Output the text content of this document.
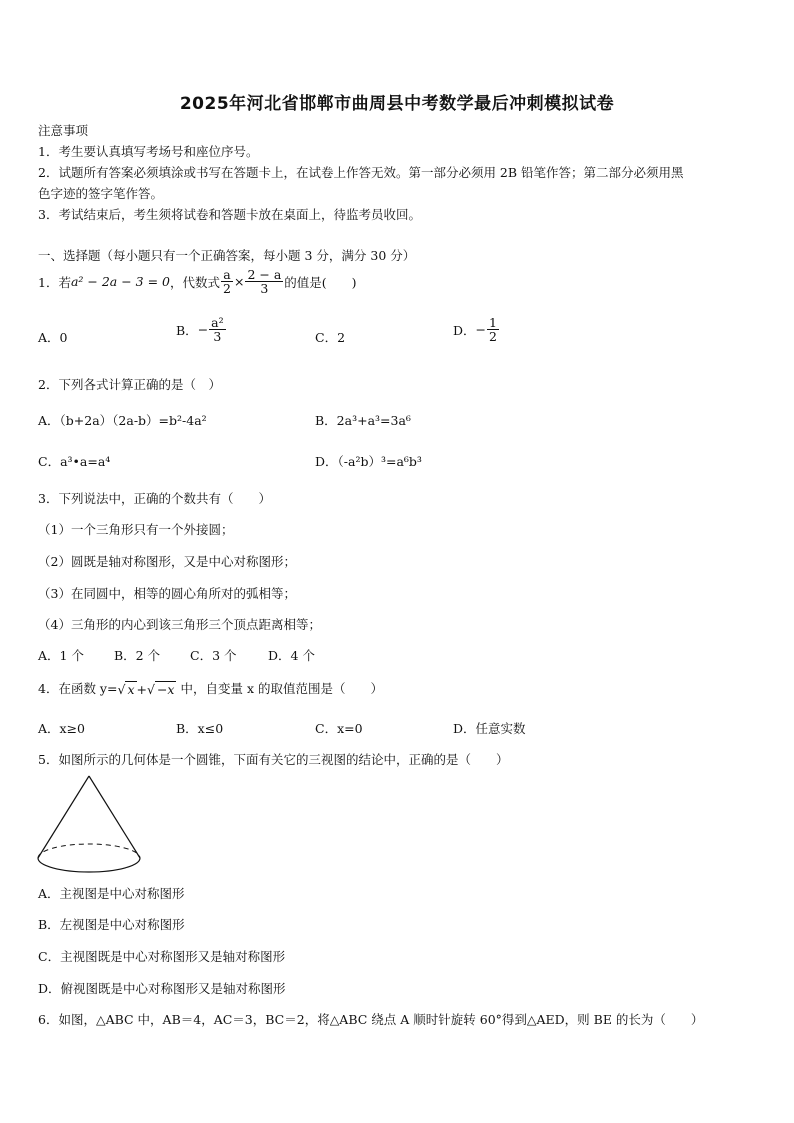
2025年河北省邯郸市曲周县中考数学最后冲刺模拟试卷
注意事项
1．考生要认真填写考场号和座位序号。
2．试题所有答案必须填涂或书写在答题卡上，在试卷上作答无效。第一部分必须用 2B 铅笔作答；第二部分必须用黑
色字迹的签字笔作答。
3．考试结束后，考生须将试卷和答题卡放在桌面上，待监考员收回。
一、选择题（每小题只有一个正确答案，每小题 3 分，满分 30 分）
1．若 a² − 2a − 3 = 0 ，代数式 $\frac{a}{2} \times \frac{2 - a}{3}$ 的值是(　　)
A．0	B． − $\frac{\text{a²}}{3}$	C．2	D． − $\frac{1}{2}$
2．下列各式计算正确的是（　）
A．（b+2a）（2a-b）=b²-4a²	B．2a³+a³=3a⁶
C．a³•a=a⁴	D．（-a²b）³=a⁶b³
3．下列说法中，正确的个数共有（　　）
（1）一个三角形只有一个外接圆；
（2）圆既是轴对称图形，又是中心对称图形；
（3）在同圆中，相等的圆心角所对的弧相等；
（4）三角形的内心到该三角形三个顶点距离相等；
A．1 个 B．2 个 C．3 个	D．4 个
4．在函数 y= √ x + √ −x 中，自变量 x 的取值范围是（　　）
A．x≥0	B．x≤0	C．x=0	D．任意实数
5．如图所示的几何体是一个圆锥，下面有关它的三视图的结论中，正确的是（　　）
A．主视图是中心对称图形
B．左视图是中心对称图形
C．主视图既是中心对称图形又是轴对称图形
D．俯视图既是中心对称图形又是轴对称图形
6．如图，△ABC 中，AB＝4，AC＝3，BC＝2，将△ABC 绕点 A 顺时针旋转 60°得到△AED，则 BE 的长为（　　）
